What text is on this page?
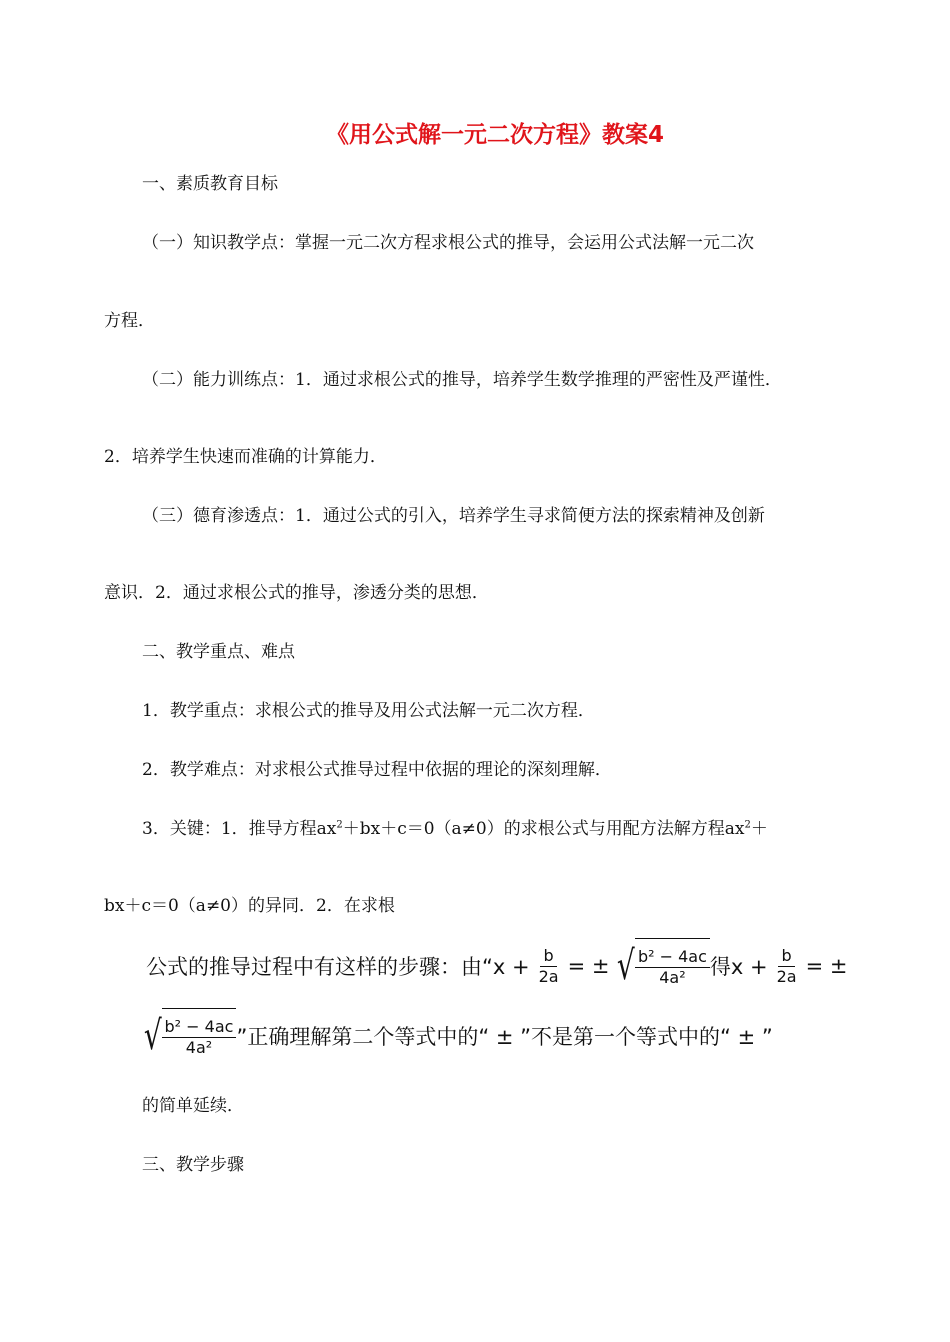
《用公式解一元二次方程》教案4
一、素质教育目标
（一）知识教学点：掌握一元二次方程求根公式的推导，会运用公式法解一元二次
方程．
（二）能力训练点：1．通过求根公式的推导，培养学生数学推理的严密性及严谨性．
2．培养学生快速而准确的计算能力．
（三）德育渗透点：1．通过公式的引入，培养学生寻求简便方法的探索精神及创新
意识．2．通过求根公式的推导，渗透分类的思想．
二、教学重点、难点
1．教学重点：求根公式的推导及用公式法解一元二次方程．
2．教学难点：对求根公式推导过程中依据的理论的深刻理解．
3．关键：1．推导方程$ax^2+bx+c=0(a\ne 0)$的求根公式与用配方法解方程$ax^2+$
bx＋c＝0（a≠0）的异同．2．在求根
公式的推导过程中有这样的步骤：由“$x + \frac{b}{2a}$ = ± √ $\frac{\text{b² − 4ac}}{\text{4a²}}$ 得$x + \frac{b}{2a}$ = ±
√ $\frac{\text{b² − 4ac}}{\text{4a²}}$ ”正确理解第二个等式中的“ ± ”不是第一个等式中的“ ± ”
的简单延续．
三、教学步骤
